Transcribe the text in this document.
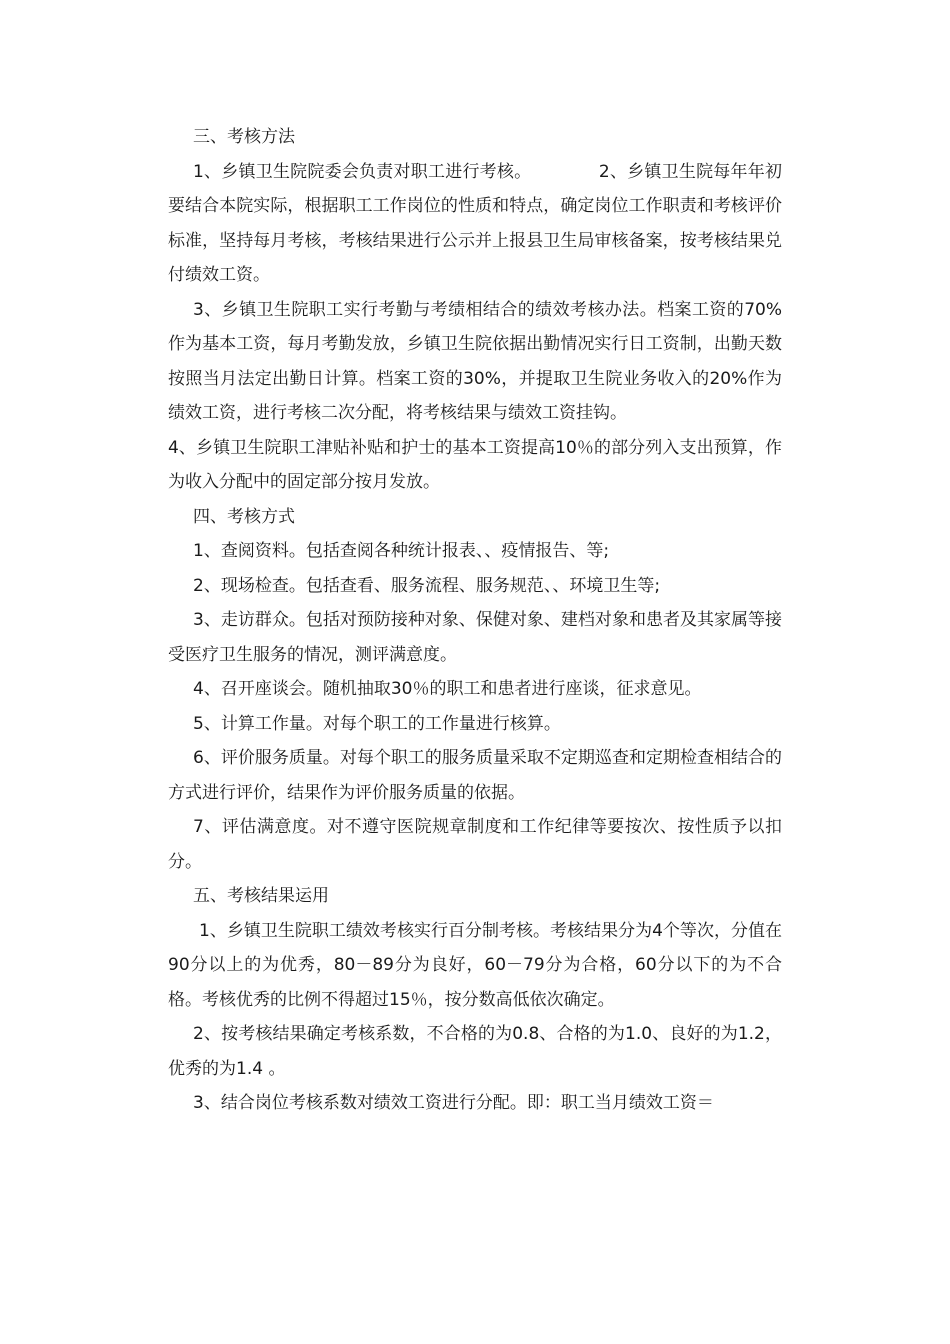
三、考核方法

1、乡镇卫生院院委会负责对职工进行考核。            2、乡镇卫生院每年年初要结合本院实际，根据职工工作岗位的性质和特点，确定岗位工作职责和考核评价标准，坚持每月考核，考核结果进行公示并上报县卫生局审核备案，按考核结果兑付绩效工资。

3、乡镇卫生院职工实行考勤与考绩相结合的绩效考核办法。档案工资的70%作为基本工资，每月考勤发放，乡镇卫生院依据出勤情况实行日工资制，出勤天数按照当月法定出勤日计算。档案工资的30%，并提取卫生院业务收入的20%作为绩效工资，进行考核二次分配，将考核结果与绩效工资挂钩。

4、乡镇卫生院职工津贴补贴和护士的基本工资提高10％的部分列入支出预算，作为收入分配中的固定部分按月发放。

四、考核方式

1、查阅资料。包括查阅各种统计报表、、疫情报告、等;

2、现场检查。包括查看、服务流程、服务规范、、环境卫生等;

3、走访群众。包括对预防接种对象、保健对象、建档对象和患者及其家属等接受医疗卫生服务的情况，测评满意度。

4、召开座谈会。随机抽取30％的职工和患者进行座谈，征求意见。

5、计算工作量。对每个职工的工作量进行核算。

6、评价服务质量。对每个职工的服务质量采取不定期巡查和定期检查相结合的方式进行评价，结果作为评价服务质量的依据。

7、评估满意度。对不遵守医院规章制度和工作纪律等要按次、按性质予以扣分。

五、考核结果运用

1、乡镇卫生院职工绩效考核实行百分制考核。考核结果分为4个等次，分值在90分以上的为优秀，80－89分为良好，60－79分为合格，60分以下的为不合格。考核优秀的比例不得超过15％，按分数高低依次确定。

2、按考核结果确定考核系数，不合格的为0.8、合格的为1.0、良好的为1.2，优秀的为1.4 。

3、结合岗位考核系数对绩效工资进行分配。即：职工当月绩效工资＝
